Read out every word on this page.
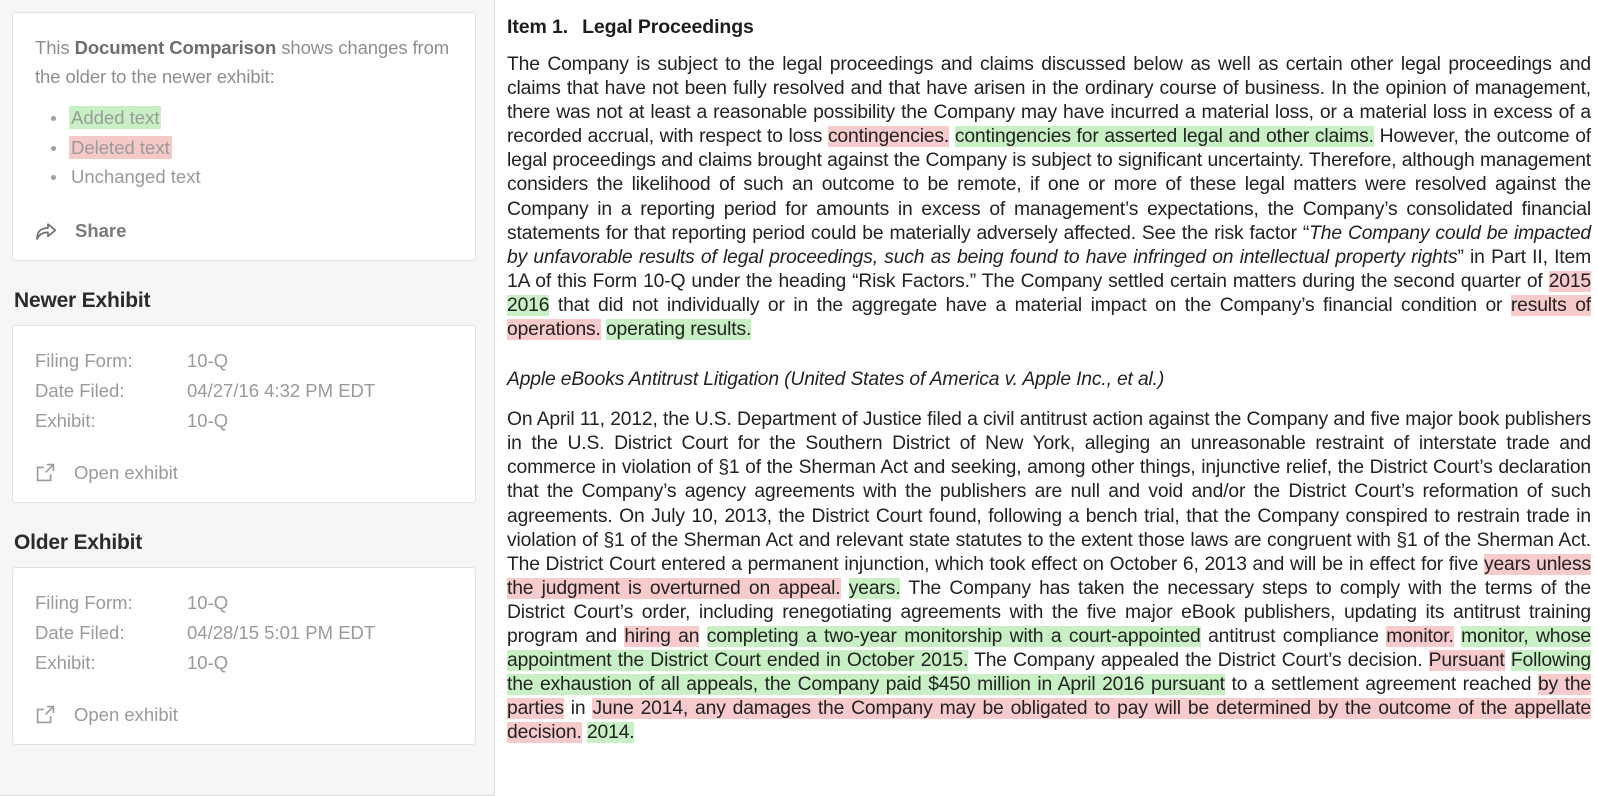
This Document Comparison shows changes from the older to the newer exhibit:

Added text
Deleted text
Unchanged text
Share
Newer Exhibit
Filing Form:	10-Q
Date Filed:	04/27/16 4:32 PM EDT
Exhibit:	10-Q
Open exhibit
Older Exhibit
Filing Form:	10-Q
Date Filed:	04/28/15 5:01 PM EDT
Exhibit:	10-Q
Open exhibit
Item 1. Legal Proceedings

The Company is subject to the legal proceedings and claims discussed below as well as certain other legal proceedings and claims that have not been fully resolved and that have arisen in the ordinary course of business. In the opinion of management, there was not at least a reasonable possibility the Company may have incurred a material loss, or a material loss in excess of a recorded accrual, with respect to loss contingencies. contingencies for asserted legal and other claims. However, the outcome of legal proceedings and claims brought against the Company is subject to significant uncertainty. Therefore, although management considers the likelihood of such an outcome to be remote, if one or more of these legal matters were resolved against the Company in a reporting period for amounts in excess of management’s expectations, the Company’s consolidated financial statements for that reporting period could be materially adversely affected. See the risk factor “The Company could be impacted by unfavorable results of legal proceedings, such as being found to have infringed on intellectual property rights” in Part II, Item 1A of this Form 10-Q under the heading “Risk Factors.” The Company settled certain matters during the second quarter of 2015 2016 that did not individually or in the aggregate have a material impact on the Company’s financial condition or results of operations. operating results.

Apple eBooks Antitrust Litigation (United States of America v. Apple Inc., et al.)

On April 11, 2012, the U.S. Department of Justice filed a civil antitrust action against the Company and five major book publishers in the U.S. District Court for the Southern District of New York, alleging an unreasonable restraint of interstate trade and commerce in violation of §1 of the Sherman Act and seeking, among other things, injunctive relief, the District Court’s declaration that the Company’s agency agreements with the publishers are null and void and/or the District Court’s reformation of such agreements. On July 10, 2013, the District Court found, following a bench trial, that the Company conspired to restrain trade in violation of §1 of the Sherman Act and relevant state statutes to the extent those laws are congruent with §1 of the Sherman Act. The District Court entered a permanent injunction, which took effect on October 6, 2013 and will be in effect for five years unless the judgment is overturned on appeal. years. The Company has taken the necessary steps to comply with the terms of the District Court’s order, including renegotiating agreements with the five major eBook publishers, updating its antitrust training program and hiring an completing a two-year monitorship with a court-appointed antitrust compliance monitor. monitor, whose appointment the District Court ended in October 2015. The Company appealed the District Court’s decision. Pursuant Following the exhaustion of all appeals, the Company paid $450 million in April 2016 pursuant to a settlement agreement reached by the parties in June 2014, any damages the Company may be obligated to pay will be determined by the outcome of the appellate decision. 2014.
